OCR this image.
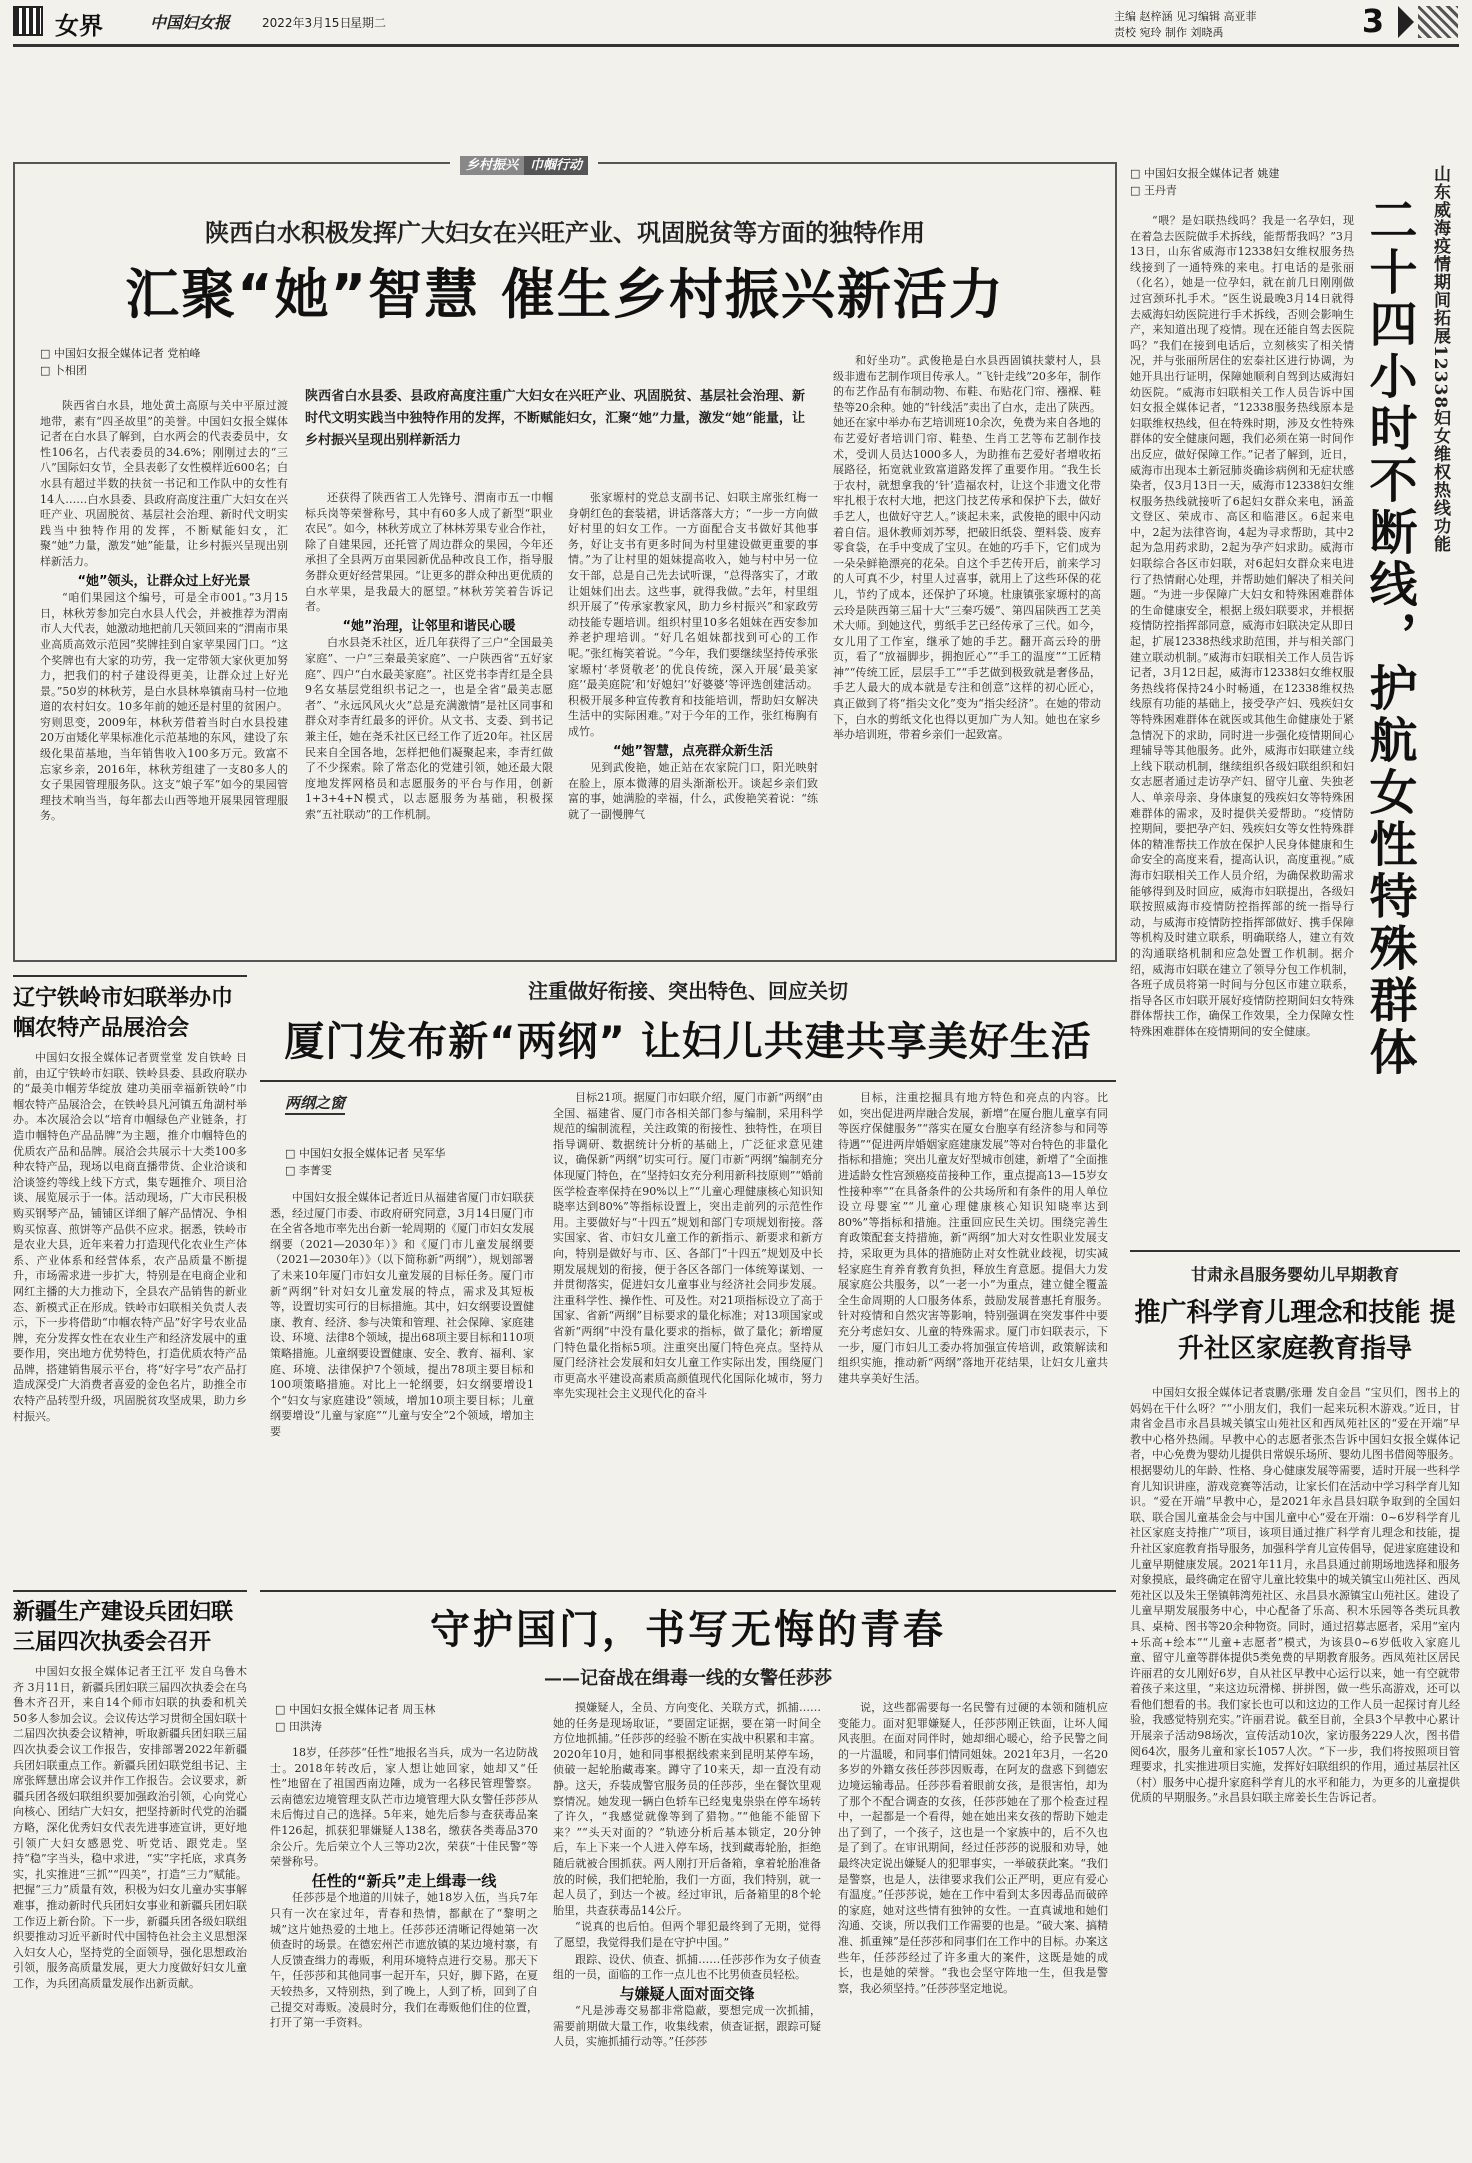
女界	中国妇女报	2022年3月15日
星期二	主编 赵梓涵 见习编辑 高亚菲
责校 宛玲 制作 刘晓禹	3
乡村振兴 巾帼行动
陕西白水积极发挥广大妇女在兴旺产业、巩固脱贫等方面的独特作用
汇聚“她”智慧 催生乡村振兴新活力
□ 中国妇女报全媒体记者 党柏峰
□ 卜相团
陕西省白水县委、县政府高度注重广大妇女在兴旺产业、巩固脱贫、基层社会治理、新时代文明实践当中独特作用的发挥，不断赋能妇女，汇聚“她”力量，激发“她”能量，让乡村振兴呈现出别样新活力

陕西省白水县，地处黄土高原与关中平原过渡地带，素有“四圣故里”的美誉。中国妇女报全媒体记者在白水县了解到，白水两会的代表委员中，女性106名，占代表委员的34.6%；刚刚过去的“三八”国际妇女节，全县表彰了女性模样近600名；白水县有超过半数的扶贫一书记和工作队中的女性有14人……白水县委、县政府高度注重广大妇女在兴旺产业、巩固脱贫、基层社会治理、新时代文明实践当中独特作用的发挥，不断赋能妇女，汇聚“她”力量，激发“她”能量，让乡村振兴呈现出别样新活力。

“她”领头，让群众过上好光景

“咱们果园这个编号，可是全市001。”3月15日，林秋芳参加完白水县人代会，并被推荐为渭南市人大代表，她激动地把前几天领回来的“渭南市果业高质高效示范园”奖牌挂到自家苹果园门口。“这个奖牌也有大家的功劳，我一定带领大家伙更加努力，把我们的村子建设得更美，让群众过上好光景。”50岁的林秋芳，是白水县林皋镇南马村一位地道的农村妇女。10多年前的她还是村里的贫困户。穷则思变，2009年，林秋芳借着当时白水县投建20万亩矮化苹果标准化示范基地的东风，建设了东级化果苗基地，当年销售收入100多万元。致富不忘家乡亲，2016年，林秋芳组建了一支80多人的女子果园管理服务队。这支“娘子军”如今的果园管理技术响当当，每年都去山西等地开展果园管理服务。

还获得了陕西省工人先锋号、渭南市五一巾帼标兵岗等荣誉称号，其中有60多人成了新型“职业农民”。如今，林秋芳成立了林林芳果专业合作社，除了自建果园，还托管了周边群众的果园，今年还承担了全县两万亩果园新优品种改良工作，指导服务群众更好经营果园。“让更多的群众种出更优质的白水苹果，是我最大的愿望。”林秋芳笑着告诉记者。

“她”治理，让邻里和谐民心暖

白水县尧禾社区，近几年获得了三户“全国最美家庭”、一户“三秦最美家庭”、一户陕西省“五好家庭”、四户“白水最美家庭”。社区党书李青红是全县9名女基层党组织书记之一，也是全省“最美志愿者”、“永远风风火火”总是充满激情”是社区同事和群众对李青红最多的评价。从文书、支委、到书记兼主任，她在尧禾社区已经工作了近20年。社区居民来自全国各地，怎样把他们凝聚起来，李青红做了不少探索。除了常态化的党建引领，她还最大限度地发挥网格员和志愿服务的平台与作用，创新1+3+4+N模式，以志愿服务为基础，积极探索“五社联动”的工作机制。

张家塬村的党总支副书记、妇联主席张红梅一身朝红色的套装裙，讲话落落大方；“一步一方向做好村里的妇女工作。一方面配合支书做好其他事务，好让支书有更多时间为村里建设做更重要的事情。”为了让村里的姐妹提高收入，她与村中另一位女干部，总是自己先去试听课，“总得落实了，才敢让姐妹们出去。这些事，就得我做。”去年，村里组织开展了“传承家教家风，助力乡村振兴”和家政劳动技能专题培训。组织村里10多名姐妹在西安参加养老护理培训。“好几名姐妹都找到可心的工作呢。”张红梅笑着说。“今年，我们要继续坚持传承张家塬村‘孝贤敬老’的优良传统，深入开展‘最美家庭’‘最美庭院’和‘好媳妇’‘好婆婆’等评选创建活动。积极开展多种宣传教育和技能培训，帮助妇女解决生活中的实际困难。”对于今年的工作，张红梅胸有成竹。

“她”智慧，点亮群众新生活

见到武俊艳，她正站在农家院门口，阳光映射在脸上，原本微薄的眉头渐渐松开。谈起乡亲们致富的事，她满脸的幸福，什么，武俊艳笑着说：“练就了一副慢脾气

和好坐功”。武俊艳是白水县西固镇扶蒙村人，县级非遗布艺制作项目传承人。“飞针走线”20多年，制作的布艺作品有布制动物、布鞋、布贴花门帘、襁褓、鞋垫等20余种。她的“针线活”卖出了白水，走出了陕西。她还在家中举办布艺培训班10余次，免费为来自各地的布艺爱好者培训门帘、鞋垫、生肖工艺等布艺制作技术，受训人员达1000多人，为助推布艺爱好者增收拓展路径，拓宽就业致富道路发挥了重要作用。“我生长于农村，就想拿我的‘针’造福农村，让这个非遗文化带牢扎根于农村大地，把这门技艺传承和保护下去，做好手艺人，也做好守艺人。”谈起未来，武俊艳的眼中闪动着自信。退休教师刘苏琴，把破旧纸袋、塑料袋、废弃零食袋，在手中变成了宝贝。在她的巧手下，它们成为一朵朵鲜艳漂亮的花朵。自这个手艺传开后，前来学习的人可真不少，村里人过喜事，就用上了这些环保的花儿，节约了成本，还保护了环境。杜康镇张家塬村的高云玲是陕西第三届十大“三秦巧媛”、第四届陕西工艺美术大师。到她这代，剪纸手艺已经传承了三代。如今，女儿用了工作室，继承了她的手艺。翻开高云玲的册页，看了“放福脚步，拥抱匠心”“手工的温度”“工匠精神”“传统工匠，层层手工”“手艺做到极致就是奢侈品，手艺人最大的成本就是专注和创意”这样的初心匠心，真正做到了将“指尖文化”变为“指尖经济”。在她的带动下，白水的剪纸文化也得以更加广为人知。她也在家乡举办培训班，带着乡亲们一起致富。

□ 中国妇女报全媒体记者 姚建
□ 王丹青	山东威海疫情期间拓展12338妇女维权热线功能
二十四小时不断线，护航女性特殊群体

“喂？是妇联热线吗？我是一名孕妇，现在着急去医院做手术拆线，能帮帮我吗？”3月13日，山东省威海市12338妇女维权服务热线接到了一通特殊的来电。打电话的是张丽（化名），她是一位孕妇，就在前几日刚刚做过宫颈环扎手术。“医生说最晚3月14日就得去威海妇幼医院进行手术拆线，否则会影响生产，来知道出现了疫情。现在还能自驾去医院吗？”我们在接到电话后，立刻核实了相关情况，并与张丽所居住的宏泰社区进行协调，为她开具出行证明，保障她顺利自驾到达威海妇幼医院。“威海市妇联相关工作人员告诉中国妇女报全媒体记者，“12338服务热线原本是妇联维权热线，但在特殊时期，涉及女性特殊群体的安全健康问题，我们必须在第一时间作出反应，做好保障工作。”记者了解到，近日，威海市出现本土新冠肺炎确诊病例和无症状感染者，仅3月13日一天，威海市12338妇女维权服务热线就接听了6起妇女群众来电，涵盖文登区、荣成市、高区和临港区。6起来电中，2起为法律咨询，4起为寻求帮助，其中2起为急用药求助，2起为孕产妇求助。威海市妇联综合各区市妇联，对6起妇女群众来电进行了热情耐心处理，并帮助她们解决了相关问题。“为进一步保障广大妇女和特殊困难群体的生命健康安全，根据上级妇联要求，并根据疫情防控指挥部同意，威海市妇联决定从即日起，扩展12338热线求助范围，并与相关部门建立联动机制。”威海市妇联相关工作人员告诉记者，3月12日起，威海市12338妇女维权服务热线将保持24小时畅通，在12338维权热线原有功能的基础上，接受孕产妇、残疾妇女等特殊困难群体在就医或其他生命健康处于紧急情况下的求助，同时进一步强化疫情期间心理辅导等其他服务。此外，威海市妇联建立线上线下联动机制，继续组织各级妇联组织和妇女志愿者通过走访孕产妇、留守儿童、失独老人、单亲母亲、身体康复的残疾妇女等特殊困难群体的需求，及时提供关爱帮助。“疫情防控期间，要把孕产妇、残疾妇女等女性特殊群体的精准帮扶工作放在保护人民身体健康和生命安全的高度来看，提高认识，高度重视。”威海市妇联相关工作人员介绍，为确保救助需求能够得到及时回应，威海市妇联提出，各级妇联按照威海市疫情防控指挥部的统一指导行动，与威海市疫情防控指挥部做好、携手保障等机构及时建立联系，明确联络人，建立有效的沟通联络机制和应急处置工作机制。据介绍，威海市妇联在建立了领导分包工作机制，各班子成员将第一时间与分包区市建立联系，指导各区市妇联开展好疫情防控期间妇女特殊群体帮扶工作，确保工作效果，全力保障女性特殊困难群体在疫情期间的安全健康。

辽宁铁岭市妇联举办巾帼农特产品展洽会

中国妇女报全媒体记者贾堂堂 发自铁岭 日前，由辽宁铁岭市妇联、铁岭县委、县政府联办的“最美巾帼芳华绽放 建功美丽幸福新铁岭”巾帼农特产品展洽会，在铁岭县凡河镇五角湖村举办。本次展洽会以“培育巾帼绿色产业链条，打造巾帼特色产品品牌”为主题，推介巾帼特色的优质农产品和品牌。展洽会共展示十大类100多种农特产品，现场以电商直播带货、企业洽谈和洽谈签约等线上线下方式，集专题推介、项目洽谈、展览展示于一体。活动现场，广大市民积极购买钢琴产品，铺铺区详细了解产品情况、争相购买惊喜、煎饼等产品供不应求。据悉，铁岭市是农业大县，近年来着力打造现代化农业生产体系、产业体系和经营体系，农产品质量不断提升，市场需求进一步扩大，特别是在电商企业和网红主播的大力推动下，全县农产品销售的新业态、新模式正在形成。铁岭市妇联相关负责人表示，下一步将借助“巾帼农特产品”好字号农业品牌，充分发挥女性在农业生产和经济发展中的重要作用，突出地方优势特色，打造优质农特产品品牌，搭建销售展示平台，将“好字号”农产品打造成深受广大消费者喜爱的金色名片，助推全市农特产品转型升级，巩固脱贫攻坚成果，助力乡村振兴。

注重做好衔接、突出特色、回应关切
厦门发布新“两纲” 让妇儿共建共享美好生活
两纲之窗
□ 中国妇女报全媒体记者 吴军华
□ 李菁雯

中国妇女报全媒体记者近日从福建省厦门市妇联获悉，经过厦门市委、市政府研究同意，3月14日厦门市在全省各地市率先出台新一轮周期的《厦门市妇女发展纲要（2021—2030年）》和《厦门市儿童发展纲要（2021—2030年）》（以下简称新“两纲”），规划部署了未来10年厦门市妇女儿童发展的目标任务。厦门市新“两纲”针对妇女儿童发展的特点，需求及其短板等，设置切实可行的目标措施。其中，妇女纲要设置健康、教育、经济、参与决策和管理、社会保障、家庭建设、环境、法律8个领域，提出68项主要目标和110项策略措施。儿童纲要设置健康、安全、教育、福利、家庭、环境、法律保护7个领域，提出78项主要目标和100项策略措施。对比上一轮纲要，妇女纲要增设1个“妇女与家庭建设”领域，增加10项主要目标；儿童纲要增设“儿童与家庭”“儿童与安全”2个领域，增加主要

目标21项。据厦门市妇联介绍，厦门市新“两纲”由全国、福建省、厦门市各相关部门参与编制，采用科学规范的编制流程，关注政策的衔接性、独特性，在项目指导调研、数据统计分析的基础上，广泛征求意见建议，确保新“两纲”切实可行。厦门市新“两纲”编制充分体现厦门特色，在“坚持妇女充分利用新科技原则”“婚前医学检查率保持在90%以上”“儿童心理健康核心知识知晓率达到80%”等指标设置上，突出走前列的示范性作用。主要做好与“十四五”规划和部门专项规划衔接。落实国家、省、市妇女儿童工作的新指示、新要求和新方向，特别是做好与市、区、各部门“十四五”规划及中长期发展规划的衔接，便于各区各部门一体统筹谋划、一并贯彻落实，促进妇女儿童事业与经济社会同步发展。注重科学性、操作性、可及性。对21项指标设立了高于国家、省新“两纲”目标要求的量化标准；对13项国家或省新“两纲”中没有量化要求的指标，做了量化；新增厦门特色量化指标5项。注重突出厦门特色亮点。坚持从厦门经济社会发展和妇女儿童工作实际出发，围绕厦门市更高水平建设高素质高颜值现代化国际化城市，努力率先实现社会主义现代化的奋斗

目标，注重挖掘具有地方特色和亮点的内容。比如，突出促进两岸融合发展，新增“在厦台胞儿童享有同等医疗保健服务”“落实在厦女台胞享有经济参与和同等待遇”“促进两岸婚姻家庭建康发展”等对台特色的非量化指标和措施；突出儿童友好型城市创建，新增了“全面推进适龄女性宫颈癌疫苗接种工作，重点提高13—15岁女性接种率”“在具备条件的公共场所和有条件的用人单位设立母婴室”“儿童心理健康核心知识知晓率达到80%”等指标和措施。注重回应民生关切。围绕完善生育政策配套支持措施，新“两纲”加大对女性职业发展支持，采取更为具体的措施防止对女性就业歧视，切实减轻家庭生育养育教育负担，释放生育意愿。提倡大力发展家庭公共服务，以“一老一小”为重点，建立健全覆盖全生命周期的人口服务体系，鼓励发展普惠托育服务。针对疫情和自然灾害等影响，特别强调在突发事件中要充分考虑妇女、儿童的特殊需求。厦门市妇联表示，下一步，厦门市妇儿工委办将加强宣传培训，政策解读和组织实施，推动新“两纲”落地开花结果，让妇女儿童共建共享美好生活。

甘肃永昌服务婴幼儿早期教育
推广科学育儿理念和技能 提升社区家庭教育指导

中国妇女报全媒体记者袁鹏/张珊 发自金昌 “宝贝们，图书上的妈妈在干什么呀？”“小朋友们，我们一起来玩积木游戏。”近日，甘肃省金昌市永昌县城关镇宝山苑社区和西凤苑社区的“爱在开端”早教中心格外热闹。早教中心的志愿者张杰告诉中国妇女报全媒体记者，中心免费为婴幼儿提供日常娱乐场所、婴幼儿图书借阅等服务。根据婴幼儿的年龄、性格、身心健康发展等需要，适时开展一些科学育儿知识讲座，游戏竞赛等活动，让家长们在活动中学习科学育儿知识。“爱在开端”早教中心，是2021年永昌县妇联争取到的全国妇联、联合国儿童基金会与中国儿童中心“爱在开端：0~6岁科学育儿社区家庭支持推广”项目，该项目通过推广科学育儿理念和技能，提升社区家庭教育指导服务，加强科学育儿宣传倡导，促进家庭建设和儿童早期健康发展。2021年11月，永昌县通过前期场地选择和服务对象摸底，最终确定在留守儿童比较集中的城关镇宝山苑社区、西凤苑社区以及朱王堡镇韩湾苑社区、永昌县水源镇宝山苑社区。建设了儿童早期发展服务中心，中心配备了乐高、积木乐园等各类玩具教具、桌椅、图书等20余种物资。同时，通过招募志愿者，采用“室内+乐高+绘本”“儿童+志愿者”模式，为该县0~6岁低收入家庭儿童、留守儿童等群体提供5类免费的早期教育服务。西凤苑社区居民许丽君的女儿刚好6岁，自从社区早教中心运行以来，她一有空就带着孩子来这里，“来这边玩滑梯、拼拼图，做一些乐高游戏，还可以看他们想看的书。我们家长也可以和这边的工作人员一起探讨育儿经验，我感觉特别充实。”许丽君说。截至目前，全县3个早教中心累计开展亲子活动98场次，宣传活动10次，家访服务229人次，图书借阅64次，服务儿童和家长1057人次。“下一步，我们将按照项目管理要求，扎实推进项目实施，发挥好妇联组织的作用，通过基层社区（村）服务中心提升家庭科学育儿的水平和能力，为更多的儿童提供优质的早期服务。”永昌县妇联主席姜长生告诉记者。

新疆生产建设兵团妇联三届四次执委会召开

中国妇女报全媒体记者王江平 发自乌鲁木齐 3月11日，新疆兵团妇联三届四次执委会在乌鲁木齐召开，来自14个师市妇联的执委和机关50多人参加会议。会议传达学习贯彻全国妇联十二届四次执委会议精神，听取新疆兵团妇联三届四次执委会议工作报告，安排部署2022年新疆兵团妇联重点工作。新疆兵团妇联党组书记、主席张辉慧出席会议并作工作报告。会议要求，新疆兵团各级妇联组织要加强政治引领，心向党心向核心、团结广大妇女，把坚持新时代党的治疆方略，深化优秀妇女代表先进事迹宣讲，更好地引领广大妇女感恩党、听党话、跟党走。坚持“稳”字当头，稳中求进，“实”字托底，求真务实，扎实推进“三抓”“四美”，打造“三力”赋能。把握“三力”质量有效，积极为妇女儿童办实事解难事，推动新时代兵团妇女事业和新疆兵团妇联工作迈上新台阶。下一步，新疆兵团各级妇联组织要推动习近平新时代中国特色社会主义思想深入妇女人心，坚持党的全面领导，强化思想政治引领，服务高质量发展，更大力度做好妇女儿童工作，为兵团高质量发展作出新贡献。

守护国门，书写无悔的青春
——记奋战在缉毒一线的女警任莎莎
□ 中国妇女报全媒体记者 周玉林
□ 田洪涛

18岁，任莎莎“任性”地报名当兵，成为一名边防战士。2018年转改后，家人想让她回家，她却又“任性”地留在了祖国西南边陲，成为一名移民管理警察。云南德宏边境管理支队芒市边境管理大队女警任莎莎从未后悔过自己的选择。5年来，她先后参与查获毒品案件126起，抓获犯罪嫌疑人138名，缴获各类毒品370余公斤。先后荣立个人三等功2次，荣获“十佳民警”等荣誉称号。

任性的“新兵”走上缉毒一线

任莎莎是个地道的川妹子，她18岁入伍，当兵7年只有一次在家过年，青春和热情，都献在了“黎明之城”这片她热爱的土地上。任莎莎还清晰记得她第一次侦查时的场景。在德宏州芒市遮放镇的某边境村寨，有人反馈查缉力的毒贩，利用环境特点进行交易。那天下午，任莎莎和其他同事一起开车，只好，脚下路，在夏天较热多，又特别热，到了晚上，人到了桥，回到了自己提交对毒贩。凌晨时分，我们在毒贩他们住的位置，打开了第一手资料。

摸嫌疑人，全员、方向变化、关联方式，抓捕……她的任务是现场取证，“要固定证据，要在第一时间全方位地抓捕。”任莎莎的经验不断在实战中积累和丰富。2020年10月，她和同事根据线索来到昆明某停车场，侦破一起轮胎藏毒案。蹲守了10来天，却一直没有动静。这天，乔装成警官服务员的任莎莎，坐在餐饮里观察情况。她发现一辆白色轿车已经鬼鬼祟祟在停车场转了许久，“我感觉就像等到了猎物。”“他能不能留下来？”“头天对面的？”轨迹分析后基本锁定，20分钟后，车上下来一个人进入停车场，找到藏毒轮胎，拒绝随后就被合围抓获。两人刚打开后备箱，拿着轮胎准备放的时候，我们把轮胎，我们一方面，我们特别，就一起人员了，到达一个被。经过审讯，后备箱里的8个轮胎里，共查获毒品14公斤。

“说真的也后怕。但两个罪犯最终到了无期，觉得了愿望，我觉得我们是在守护中国。”

跟踪、设伏、侦查、抓捕……任莎莎作为女子侦查组的一员，面临的工作一点儿也不比男侦查员轻松。

与嫌疑人面对面交锋

“凡是涉毒交易都非常隐蔽，要想完成一次抓捕，需要前期做大量工作，收集线索，侦查证据，跟踪可疑人员，实施抓捕行动等。”任莎莎

说，这些都需要每一名民警有过硬的本领和随机应变能力。面对犯罪嫌疑人，任莎莎刚正铁面，让坏人闻风丧胆。在面对同伴时，她却细心暖心，给予民警之间的一片温暖，和同事们情同姐妹。2021年3月，一名20多岁的外籍女孩任莎莎因贩毒，在阿友的盘惑下到德宏边境运输毒品。任莎莎看着眼前女孩，是很害怕，却为了那个不配合调查的女孩，任莎莎她在了那个检查过程中，一起都是一个看得，她在她出来女孩的帮助下她走出了到了，一个孩子，这也是一个家族中的，后不久也是了到了。在审讯期间，经过任莎莎的说服和劝导，她最终决定说出嫌疑人的犯罪事实，一举破获此案。“我们是警察，也是人，法律要求我们公正严明，更应有爱心有温度。”任莎莎说，她在工作中看到太多因毒品而破碎的家庭，她对这些情有独钟的女性。一直真诚地和她们沟通、交谈，所以我们工作需要的也是。“破大案、搞精准、抓重辣”是任莎莎和同事们在工作中的目标。办案这些年，任莎莎经过了许多重大的案件，这既是她的成长，也是她的荣誉。“我也会坚守阵地一生，但我是警察，我必须坚持。”任莎莎坚定地说。
